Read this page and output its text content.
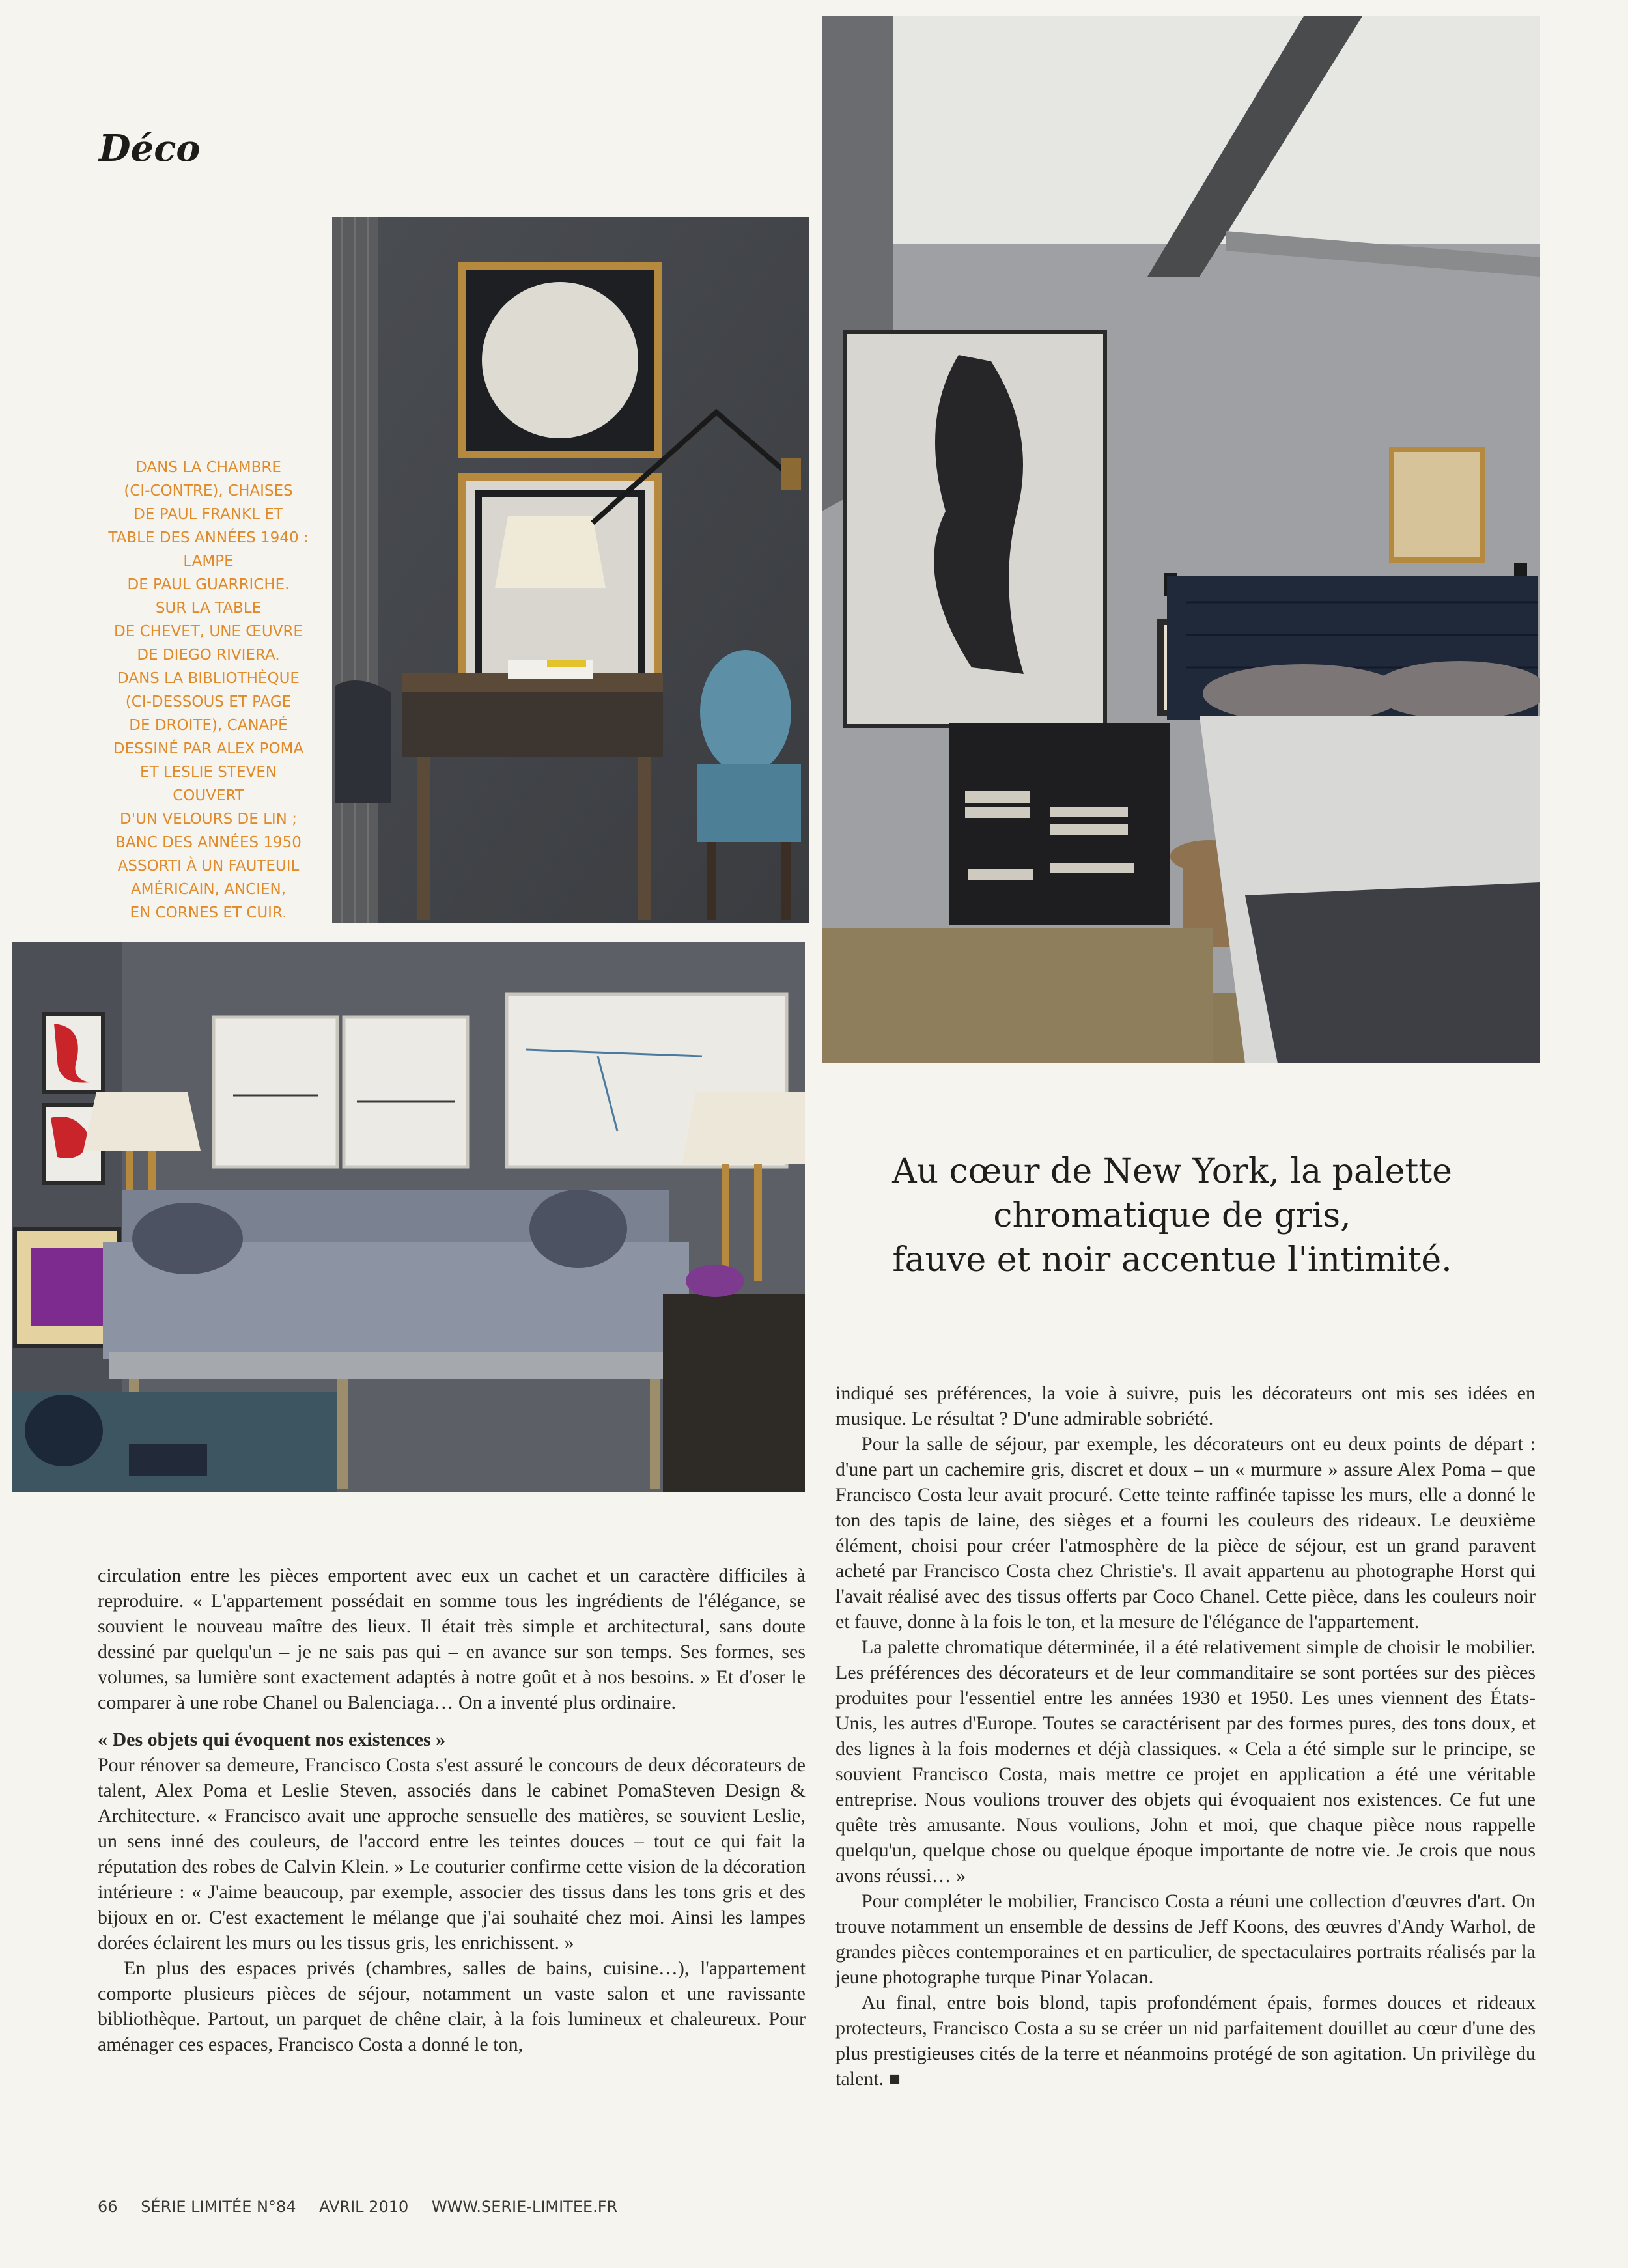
Déco
DANS LA CHAMBRE
(CI-CONTRE), CHAISES
DE PAUL FRANKL ET
TABLE DES ANNÉES 1940 :
LAMPE
DE PAUL GUARRICHE.
SUR LA TABLE
DE CHEVET, UNE ŒUVRE
DE DIEGO RIVIERA.
DANS LA BIBLIOTHÈQUE
(CI-DESSOUS ET PAGE
DE DROITE), CANAPÉ
DESSINÉ PAR ALEX POMA
ET LESLIE STEVEN
COUVERT
D'UN VELOURS DE LIN ;
BANC DES ANNÉES 1950
ASSORTI À UN FAUTEUIL
AMÉRICAIN, ANCIEN,
EN CORNES ET CUIR.
Au cœur de New York, la palette
chromatique de gris,
fauve et noir accentue l'intimité.

circulation entre les pièces emportent avec eux un cachet et un caractère difficiles à reproduire. « L'appartement possédait en somme tous les ingrédients de l'élégance, se souvient le nouveau maître des lieux. Il était très simple et architectural, sans doute dessiné par quelqu'un – je ne sais pas qui – en avance sur son temps. Ses formes, ses volumes, sa lumière sont exactement adaptés à notre goût et à nos besoins. » Et d'oser le comparer à une robe Chanel ou Balenciaga… On a inventé plus ordinaire.

« Des objets qui évoquent nos existences »

Pour rénover sa demeure, Francisco Costa s'est assuré le concours de deux décorateurs de talent, Alex Poma et Leslie Steven, associés dans le cabinet PomaSteven Design & Architecture. « Francisco avait une approche sensuelle des matières, se souvient Leslie, un sens inné des couleurs, de l'accord entre les teintes douces – tout ce qui fait la réputation des robes de Calvin Klein. » Le couturier confirme cette vision de la décoration intérieure : « J'aime beaucoup, par exemple, associer des tissus dans les tons gris et des bijoux en or. C'est exactement le mélange que j'ai souhaité chez moi. Ainsi les lampes dorées éclairent les murs ou les tissus gris, les enrichissent. »

En plus des espaces privés (chambres, salles de bains, cuisine…), l'appartement comporte plusieurs pièces de séjour, notamment un vaste salon et une ravissante bibliothèque. Partout, un parquet de chêne clair, à la fois lumineux et chaleureux. Pour aménager ces espaces, Francisco Costa a donné le ton,

indiqué ses préférences, la voie à suivre, puis les décorateurs ont mis ses idées en musique. Le résultat ? D'une admirable sobriété.

Pour la salle de séjour, par exemple, les décorateurs ont eu deux points de départ : d'une part un cachemire gris, discret et doux – un « murmure » assure Alex Poma – que Francisco Costa leur avait procuré. Cette teinte raffinée tapisse les murs, elle a donné le ton des tapis de laine, des sièges et a fourni les couleurs des rideaux. Le deuxième élément, choisi pour créer l'atmosphère de la pièce de séjour, est un grand paravent acheté par Francisco Costa chez Christie's. Il avait appartenu au photographe Horst qui l'avait réalisé avec des tissus offerts par Coco Chanel. Cette pièce, dans les couleurs noir et fauve, donne à la fois le ton, et la mesure de l'élégance de l'appartement.

La palette chromatique déterminée, il a été relativement simple de choisir le mobilier. Les préférences des décorateurs et de leur commanditaire se sont portées sur des pièces produites pour l'essentiel entre les années 1930 et 1950. Les unes viennent des États-Unis, les autres d'Europe. Toutes se caractérisent par des formes pures, des tons doux, et des lignes à la fois modernes et déjà classiques. « Cela a été simple sur le principe, se souvient Francisco Costa, mais mettre ce projet en application a été une véritable entreprise. Nous voulions trouver des objets qui évoquaient nos existences. Ce fut une quête très amusante. Nous voulions, John et moi, que chaque pièce nous rappelle quelqu'un, quelque chose ou quelque époque importante de notre vie. Je crois que nous avons réussi… »

Pour compléter le mobilier, Francisco Costa a réuni une collection d'œuvres d'art. On trouve notamment un ensemble de dessins de Jeff Koons, des œuvres d'Andy Warhol, de grandes pièces contemporaines et en particulier, de spectaculaires portraits réalisés par la jeune photographe turque Pinar Yolacan.

Au final, entre bois blond, tapis profondément épais, formes douces et rideaux protecteurs, Francisco Costa a su se créer un nid parfaitement douillet au cœur d'une des plus prestigieuses cités de la terre et néanmoins protégé de son agitation. Un privilège du talent. ■

66 SÉRIE LIMITÉE N°84 AVRIL 2010 WWW.SERIE-LIMITEE.FR
